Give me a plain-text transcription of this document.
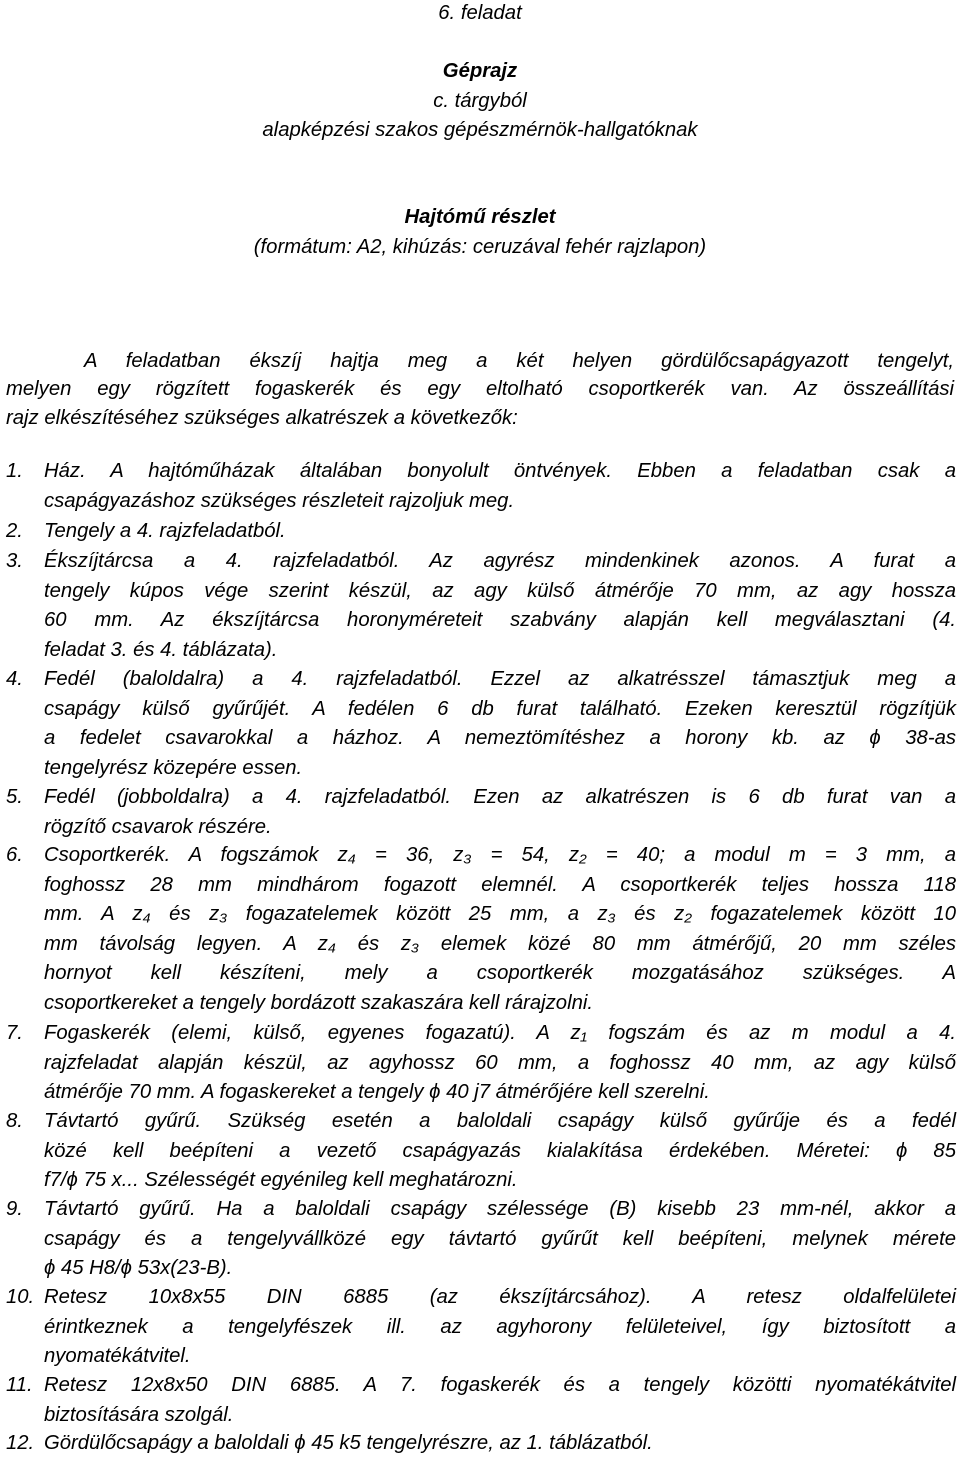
6. feladat
Géprajz
c. tárgyból
alapképzési szakos gépészmérnök-hallgatóknak
Hajtómű részlet
(formátum: A2, kihúzás: ceruzával fehér rajzlapon)
A feladatban ékszíj hajtja meg a két helyen gördülőcsapágyazott tengelyt,
melyen egy rögzített fogaskerék és egy eltolható csoportkerék van. Az összeállítási
rajz elkészítéséhez szükséges alkatrészek a következők:
1. Ház. A hajtóműházak általában bonyolult öntvények. Ebben a feladatban csak a
csapágyazáshoz szükséges részleteit rajzoljuk meg.
2. Tengely a 4. rajzfeladatból.
3. Ékszíjtárcsa a 4. rajzfeladatból. Az agyrész mindenkinek azonos. A furat a
tengely kúpos vége szerint készül, az agy külső átmérője 70 mm, az agy hossza
60 mm. Az ékszíjtárcsa horonyméreteit szabvány alapján kell megválasztani (4.
feladat 3. és 4. táblázata).
4. Fedél (baloldalra) a 4. rajzfeladatból. Ezzel az alkatrésszel támasztjuk meg a
csapágy külső gyűrűjét. A fedélen 6 db furat található. Ezeken keresztül rögzítjük
a fedelet csavarokkal a házhoz. A nemeztömítéshez a horony kb. az ϕ 38-as
tengelyrész közepére essen.
5. Fedél (jobboldalra) a 4. rajzfeladatból. Ezen az alkatrészen is 6 db furat van a
rögzítő csavarok részére.
6. Csoportkerék. A fogszámok z₄ = 36, z₃ = 54, z₂ = 40; a modul m = 3 mm, a
foghossz 28 mm mindhárom fogazott elemnél. A csoportkerék teljes hossza 118
mm. A z₄ és z₃ fogazatelemek között 25 mm, a z₃ és z₂ fogazatelemek között 10
mm távolság legyen. A z₄ és z₃ elemek közé 80 mm átmérőjű, 20 mm széles
hornyot kell készíteni, mely a csoportkerék mozgatásához szükséges. A
csoportkereket a tengely bordázott szakaszára kell rárajzolni.
7. Fogaskerék (elemi, külső, egyenes fogazatú). A z₁ fogszám és az m modul a 4.
rajzfeladat alapján készül, az agyhossz 60 mm, a foghossz 40 mm, az agy külső
átmérője 70 mm. A fogaskereket a tengely ϕ 40 j7 átmérőjére kell szerelni.
8. Távtartó gyűrű. Szükség esetén a baloldali csapágy külső gyűrűje és a fedél
közé kell beépíteni a vezető csapágyazás kialakítása érdekében. Méretei: ϕ 85
f7/ϕ 75 x... Szélességét egyénileg kell meghatározni.
9. Távtartó gyűrű. Ha a baloldali csapágy szélessége (B) kisebb 23 mm-nél, akkor a
csapágy és a tengelyvállközé egy távtartó gyűrűt kell beépíteni, melynek mérete
ϕ 45 H8/ϕ 53x(23-B).
10. Retesz 10x8x55 DIN 6885 (az ékszíjtárcsához). A retesz oldalfelületei
érintkeznek a tengelyfészek ill. az agyhorony felületeivel, így biztosított a
nyomatékátvitel.
11. Retesz 12x8x50 DIN 6885. A 7. fogaskerék és a tengely közötti nyomatékátvitel
biztosítására szolgál.
12. Gördülőcsapágy a baloldali ϕ 45 k5 tengelyrészre, az 1. táblázatból.
